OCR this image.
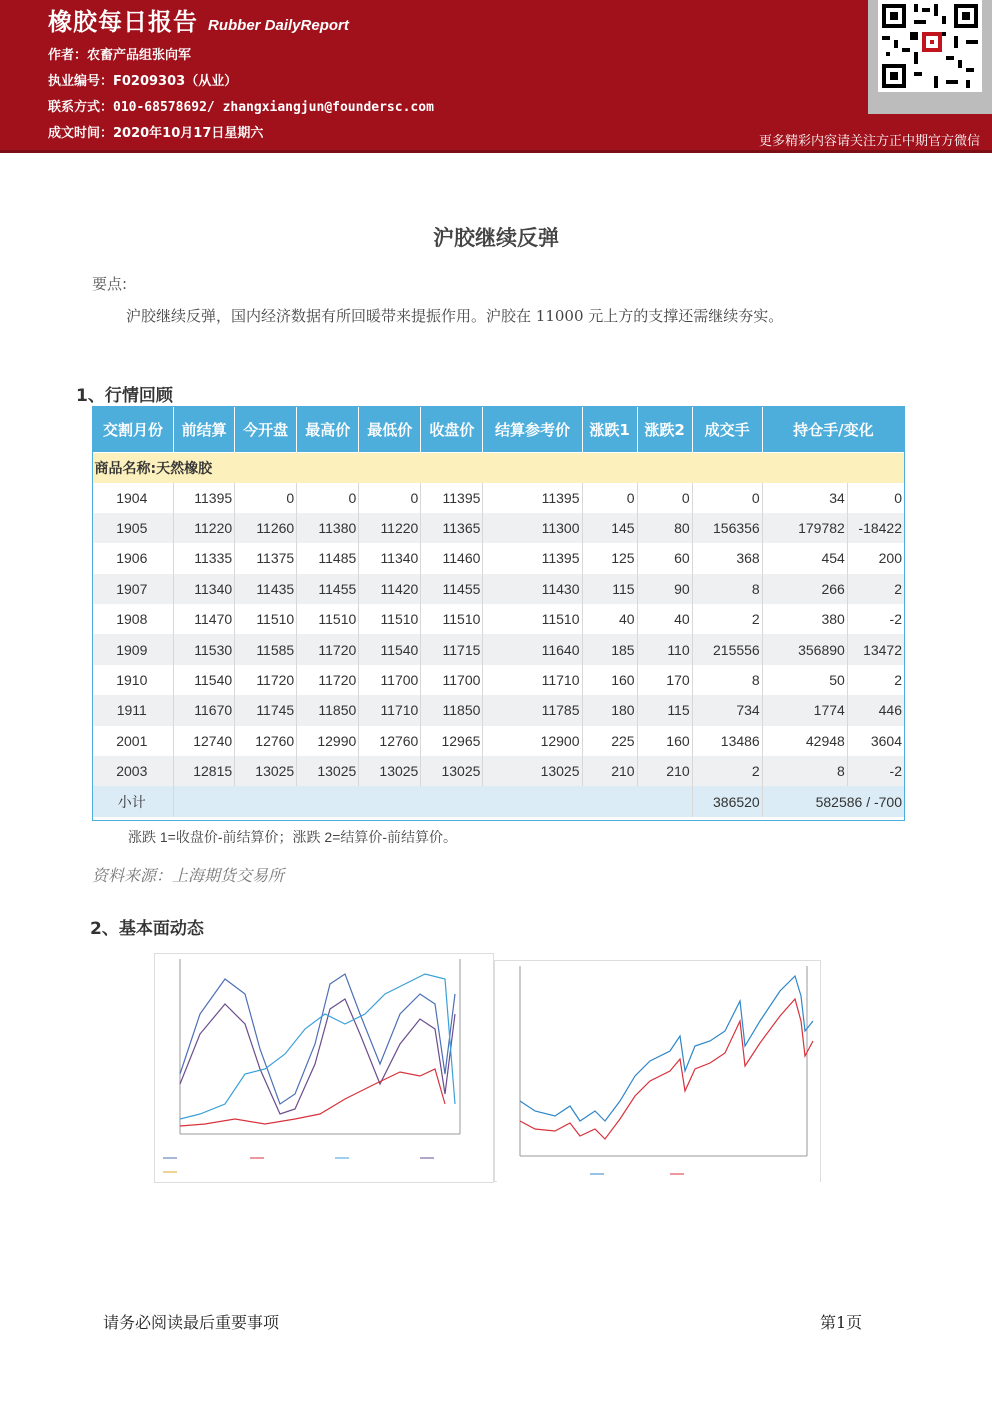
橡胶每日报告 Rubber DailyReport
作者：农畜产品组张向军
执业编号：F0209303（从业）
联系方式：010-68578692/ zhangxiangjun@foundersc.com
成文时间：2020年10月17日星期六
更多精彩内容请关注方正中期官方微信
沪胶继续反弹
要点:
沪胶继续反弹，国内经济数据有所回暖带来提振作用。沪胶在 11000 元上方的支撑还需继续夯实。
1、行情回顾
交割月份	前结算	今开盘	最高价	最低价	收盘价	结算参考价	涨跌1	涨跌2	成交手	持仓手/变化	
商品名称:天然橡胶											
1904	11395	0	0	0	11395	11395	0	0	0	34	0
1905	11220	11260	11380	11220	11365	11300	145	80	156356	179782	-18422
1906	11335	11375	11485	11340	11460	11395	125	60	368	454	200
1907	11340	11435	11455	11420	11455	11430	115	90	8	266	2
1908	11470	11510	11510	11510	11510	11510	40	40	2	380	-2
1909	11530	11585	11720	11540	11715	11640	185	110	215556	356890	13472
1910	11540	11720	11720	11700	11700	11710	160	170	8	50	2
1911	11670	11745	11850	11710	11850	11785	180	115	734	1774	446
2001	12740	12760	12990	12760	12965	12900	225	160	13486	42948	3604
2003	12815	13025	13025	13025	13025	13025	210	210	2	8	-2
小计									386520	582586 / -700	
涨跌 1=收盘价-前结算价；涨跌 2=结算价-前结算价。
资料来源：上海期货交易所
2、基本面动态
请务必阅读最后重要事项	第1页
